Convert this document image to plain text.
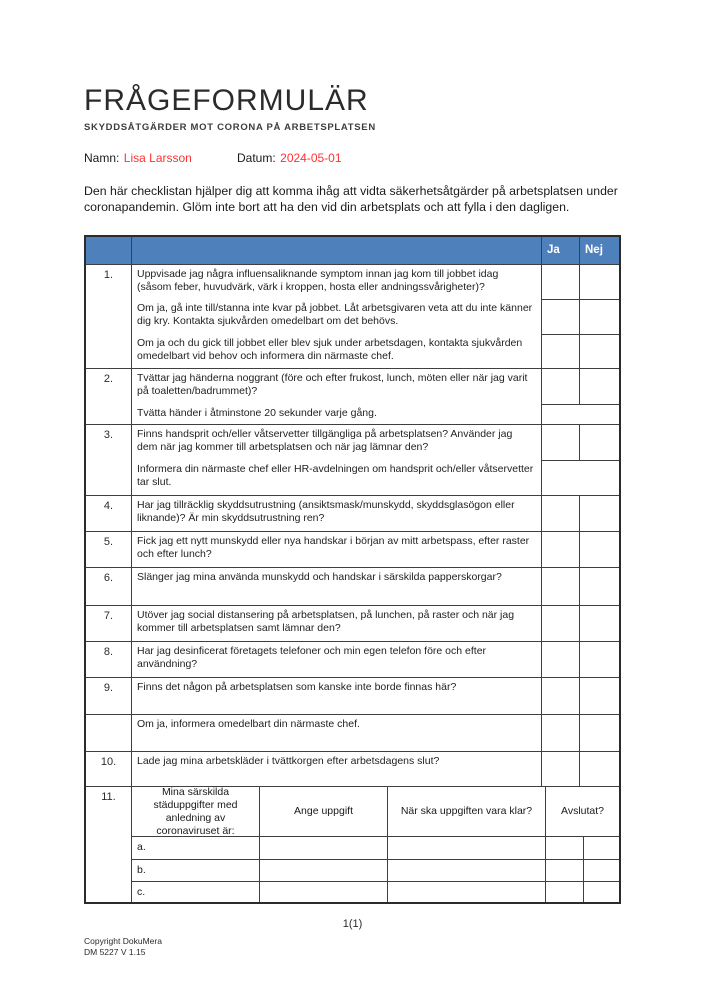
FRÅGEFORMULÄR
SKYDDSÅTGÄRDER MOT CORONA PÅ ARBETSPLATSEN
Namn: Lisa Larsson	Datum: 2024-05-01
Den här checklistan hjälper dig att komma ihåg att vidta säkerhetsåtgärder på arbetsplatsen under coronapandemin. Glöm inte bort att ha den vid din arbetsplats och att fylla i den dagligen.
Ja	Nej
1.	Uppvisade jag några influensaliknande symptom innan jag kom till jobbet idag (såsom feber, huvudvärk, värk i kroppen, hosta eller andningssvårigheter)?
Om ja, gå inte till/stanna inte kvar på jobbet. Låt arbetsgivaren veta att du inte känner dig kry. Kontakta sjukvården omedelbart om det behövs.
Om ja och du gick till jobbet eller blev sjuk under arbetsdagen, kontakta sjukvården omedelbart vid behov och informera din närmaste chef.
2.	Tvättar jag händerna noggrant (före och efter frukost, lunch, möten eller när jag varit på toaletten/badrummet)?
Tvätta händer i åtminstone 20 sekunder varje gång.
3.	Finns handsprit och/eller våtservetter tillgängliga på arbetsplatsen? Använder jag dem när jag kommer till arbetsplatsen och när jag lämnar den?
Informera din närmaste chef eller HR-avdelningen om handsprit och/eller våtservetter tar slut.
4.	Har jag tillräcklig skyddsutrustning (ansiktsmask/munskydd, skyddsglasögon eller liknande)? Är min skyddsutrustning ren?
5.	Fick jag ett nytt munskydd eller nya handskar i början av mitt arbetspass, efter raster och efter lunch?
6.	Slänger jag mina använda munskydd och handskar i särskilda papperskorgar?
7.	Utöver jag social distansering på arbetsplatsen, på lunchen, på raster och när jag kommer till arbetsplatsen samt lämnar den?
8.	Har jag desinficerat företagets telefoner och min egen telefon före och efter användning?
9.	Finns det någon på arbetsplatsen som kanske inte borde finnas här?
Om ja, informera omedelbart din närmaste chef.
10.	Lade jag mina arbetskläder i tvättkorgen efter arbetsdagens slut?
11.	Mina särskilda städuppgifter med anledning av coronaviruset är:
Ange uppgift	När ska uppgiften vara klar?	Avslutat?
a.
b.
c.
1(1)
Copyright DokuMera
DM 5227 V 1.15
